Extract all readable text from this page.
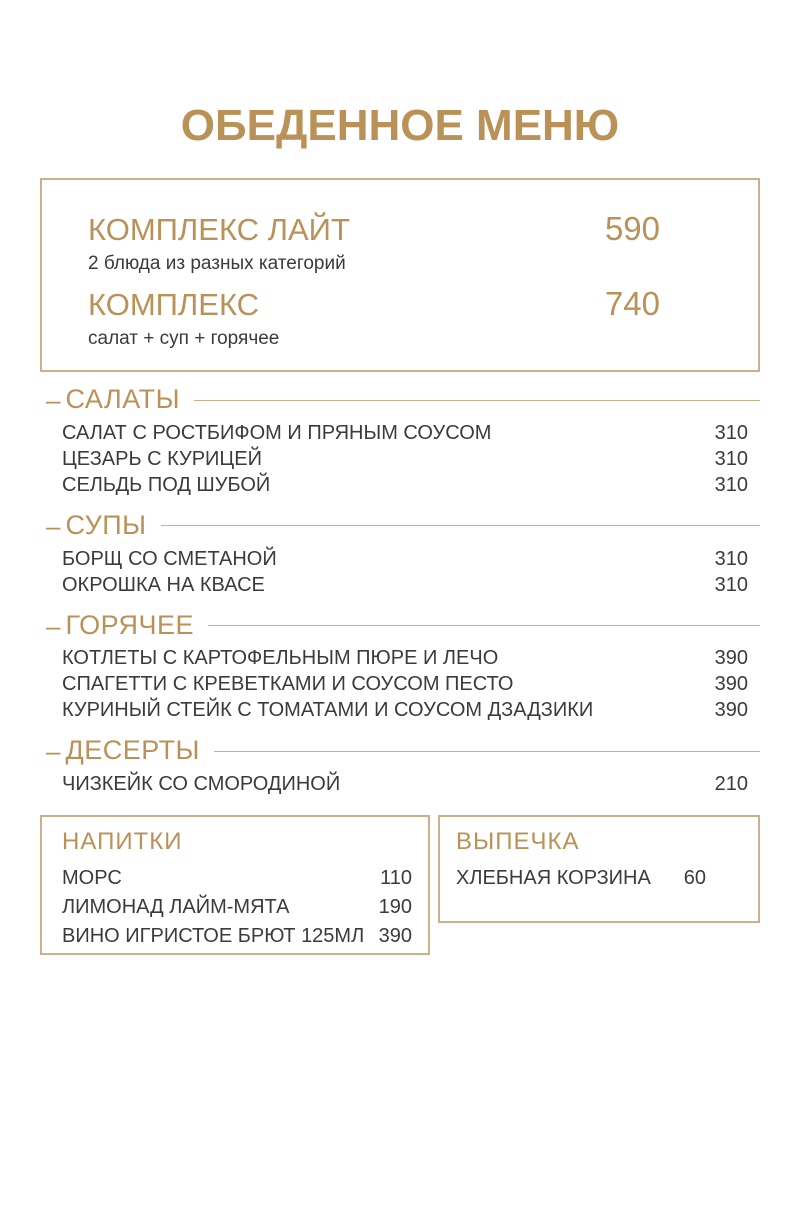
ОБЕДЕННОЕ МЕНЮ
КОМПЛЕКС ЛАЙТ	590
2 блюда из разных категорий
КОМПЛЕКС	740
салат + суп + горячее
– САЛАТЫ
САЛАТ С РОСТБИФОМ И ПРЯНЫМ СОУСОМ	310
ЦЕЗАРЬ С КУРИЦЕЙ	310
СЕЛЬДЬ ПОД ШУБОЙ	310
– СУПЫ
БОРЩ СО СМЕТАНОЙ	310
ОКРОШКА НА КВАСЕ	310
– ГОРЯЧЕЕ
КОТЛЕТЫ С КАРТОФЕЛЬНЫМ ПЮРЕ И ЛЕЧО	390
СПАГЕТТИ С КРЕВЕТКАМИ И СОУСОМ ПЕСТО	390
КУРИНЫЙ СТЕЙК С ТОМАТАМИ И СОУСОМ ДЗАДЗИКИ	390
– ДЕСЕРТЫ
ЧИЗКЕЙК СО СМОРОДИНОЙ	210
НАПИТКИ
МОРС	110
ЛИМОНАД ЛАЙМ-МЯТА	190
ВИНО ИГРИСТОЕ БРЮТ 125МЛ 390
ВЫПЕЧКА
ХЛЕБНАЯ КОРЗИНА 60
